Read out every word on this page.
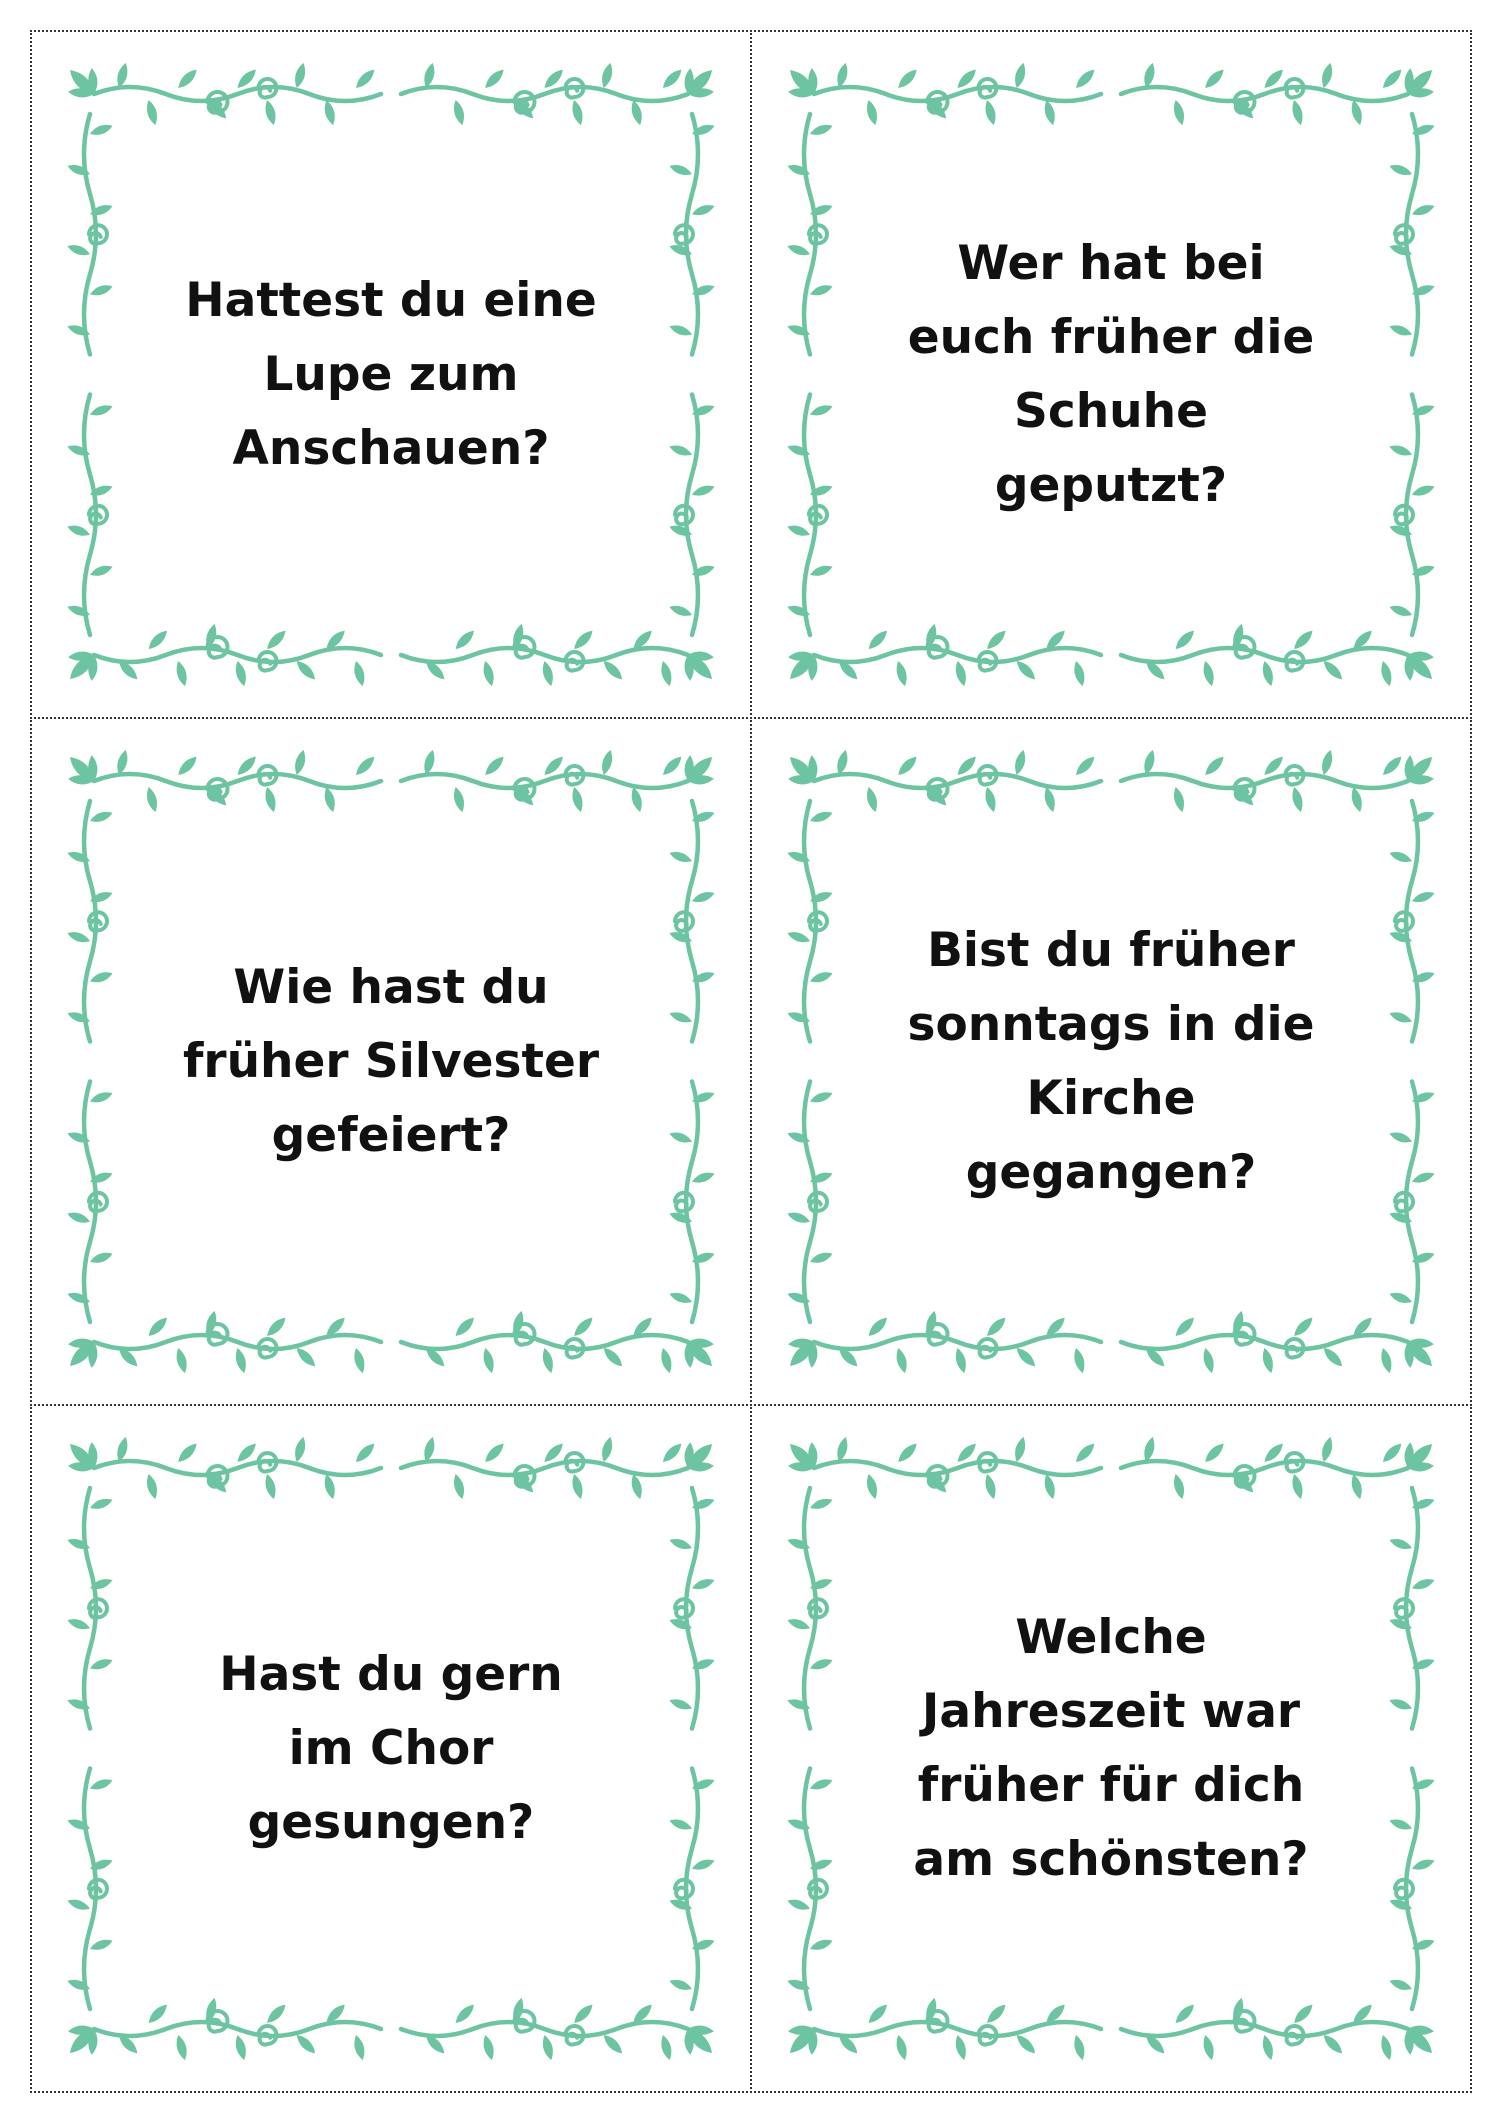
Hattest du eine Lupe zum Anschauen?
Wer hat bei euch früher die Schuhe geputzt?
Wie hast du früher Silvester gefeiert?
Bist du früher sonntags in die Kirche gegangen?
Hast du gern im Chor gesungen?
Welche Jahreszeit war früher für dich am schönsten?
